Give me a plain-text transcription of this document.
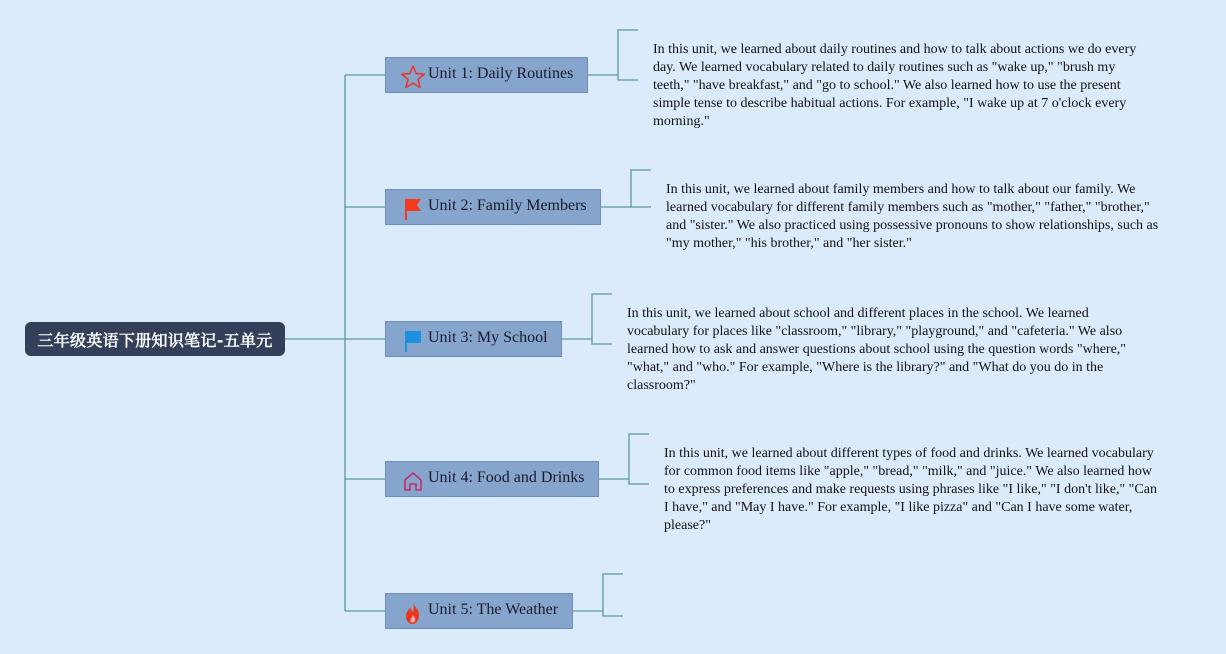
三年级英语下册知识笔记-五单元
Unit 1: Daily Routines
In this unit, we learned about daily routines and how to talk about actions we do every day. We learned vocabulary related to daily routines such as "wake up," "brush my teeth," "have breakfast," and "go to school." We also learned how to use the present simple tense to describe habitual actions. For example, "I wake up at 7 o'clock every morning."
Unit 2: Family Members
In this unit, we learned about family members and how to talk about our family. We learned vocabulary for different family members such as "mother," "father," "brother," and "sister." We also practiced using possessive pronouns to show relationships, such as "my mother," "his brother," and "her sister."
Unit 3: My School
In this unit, we learned about school and different places in the school. We learned vocabulary for places like "classroom," "library," "playground," and "cafeteria." We also learned how to ask and answer questions about school using the question words "where," "what," and "who." For example, "Where is the library?" and "What do you do in the classroom?"
Unit 4: Food and Drinks
In this unit, we learned about different types of food and drinks. We learned vocabulary for common food items like "apple," "bread," "milk," and "juice." We also learned how to express preferences and make requests using phrases like "I like," "I don't like," "Can I have," and "May I have." For example, "I like pizza" and "Can I have some water, please?"
Unit 5: The Weather
